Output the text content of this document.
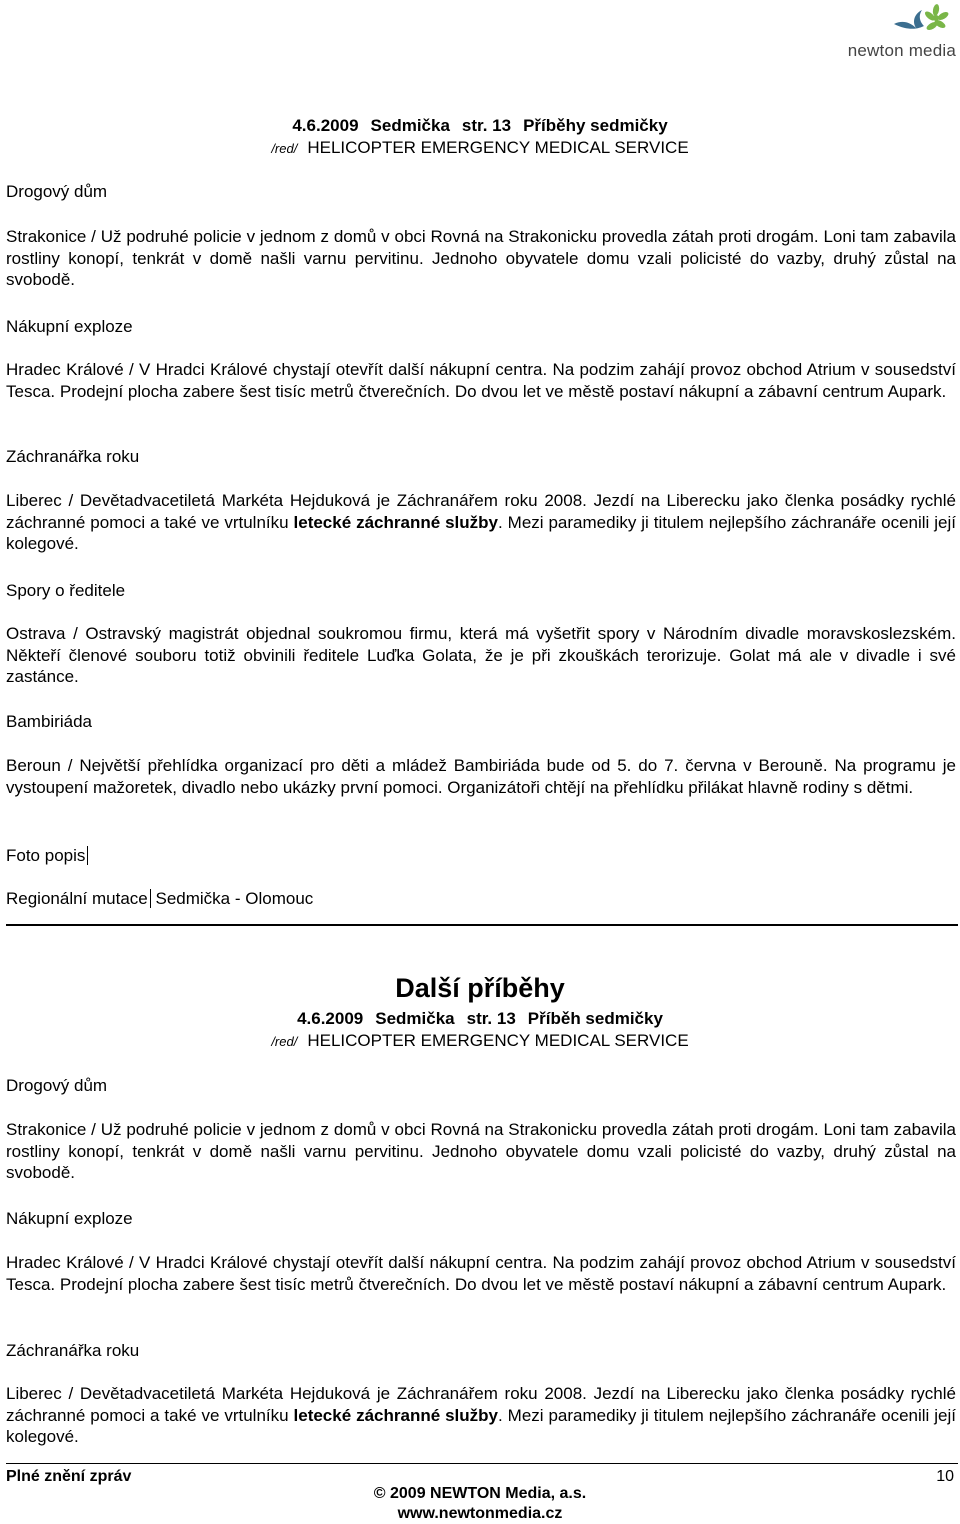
newton media
4.6.2009 Sedmička str. 13 Příběhy sedmičky
/red/ HELICOPTER EMERGENCY MEDICAL SERVICE
Drogový dům

Strakonice / Už podruhé policie v jednom z domů v obci Rovná na Strakonicku provedla zátah proti drogám. Loni tam zabavila rostliny konopí, tenkrát v domě našli varnu pervitinu. Jednoho obyvatele domu vzali policisté do vazby, druhý zůstal na svobodě.

Nákupní exploze

Hradec Králové / V Hradci Králové chystají otevřít další nákupní centra. Na podzim zahájí provoz obchod Atrium v sousedství Tesca. Prodejní plocha zabere šest tisíc metrů čtverečních. Do dvou let ve městě postaví nákupní a zábavní centrum Aupark.

Záchranářka roku

Liberec / Devětadvacetiletá Markéta Hejduková je Záchranářem roku 2008. Jezdí na Liberecku jako členka posádky rychlé záchranné pomoci a také ve vrtulníku letecké záchranné služby. Mezi paramediky ji titulem nejlepšího záchranáře ocenili její kolegové.

Spory o ředitele

Ostrava / Ostravský magistrát objednal soukromou firmu, která má vyšetřit spory v Národním divadle moravskoslezském. Někteří členové souboru totiž obvinili ředitele Luďka Golata, že je při zkouškách terorizuje. Golat má ale v divadle i své zastánce.

Bambiriáda

Beroun / Největší přehlídka organizací pro děti a mládež Bambiriáda bude od 5. do 7. června v Berouně. Na programu je vystoupení mažoretek, divadlo nebo ukázky první pomoci. Organizátoři chtějí na přehlídku přilákat hlavně rodiny s dětmi.

Foto popis
Regionální mutace Sedmička - Olomouc
Další příběhy
4.6.2009 Sedmička str. 13 Příběh sedmičky
/red/ HELICOPTER EMERGENCY MEDICAL SERVICE
Drogový dům

Strakonice / Už podruhé policie v jednom z domů v obci Rovná na Strakonicku provedla zátah proti drogám. Loni tam zabavila rostliny konopí, tenkrát v domě našli varnu pervitinu. Jednoho obyvatele domu vzali policisté do vazby, druhý zůstal na svobodě.

Nákupní exploze

Hradec Králové / V Hradci Králové chystají otevřít další nákupní centra. Na podzim zahájí provoz obchod Atrium v sousedství Tesca. Prodejní plocha zabere šest tisíc metrů čtverečních. Do dvou let ve městě postaví nákupní a zábavní centrum Aupark.

Záchranářka roku

Liberec / Devětadvacetiletá Markéta Hejduková je Záchranářem roku 2008. Jezdí na Liberecku jako členka posádky rychlé záchranné pomoci a také ve vrtulníku letecké záchranné služby. Mezi paramediky ji titulem nejlepšího záchranáře ocenili její kolegové.

Plné znění zpráv	10
© 2009 NEWTON Media, a.s.
www.newtonmedia.cz
